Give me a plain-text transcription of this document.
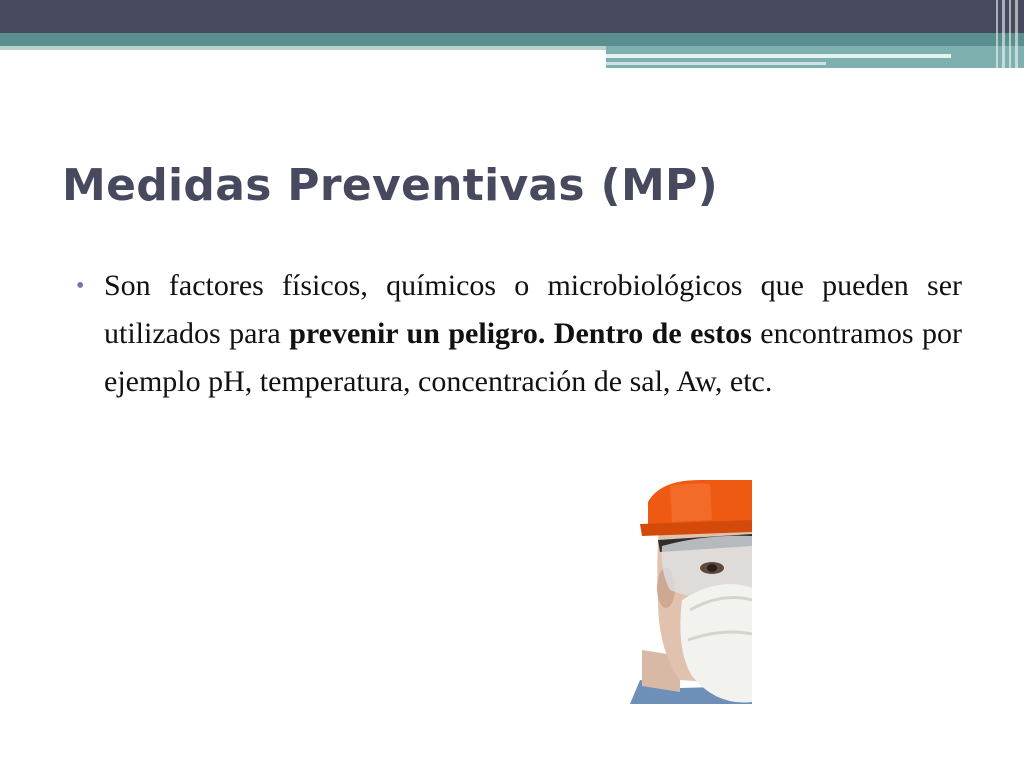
Medidas Preventivas (MP)
• Son factores físicos, químicos o microbiológicos que pueden ser utilizados para prevenir un peligro. Dentro de estos encontramos por ejemplo pH, temperatura, concentración de sal, Aw, etc.
